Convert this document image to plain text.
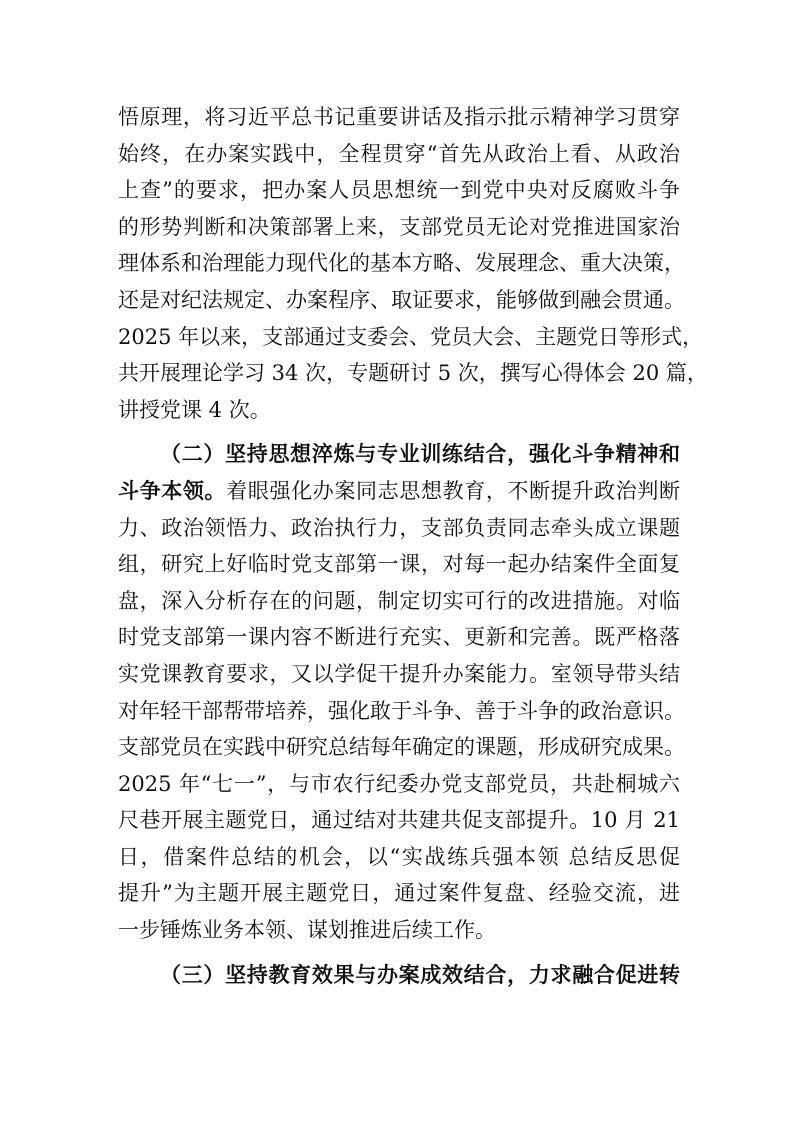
悟原理，将习近平总书记重要讲话及指示批示精神学习贯穿
始终，在办案实践中，全程贯穿“首先从政治上看、从政治
上查”的要求，把办案人员思想统一到党中央对反腐败斗争
的形势判断和决策部署上来，支部党员无论对党推进国家治
理体系和治理能力现代化的基本方略、发展理念、重大决策，
还是对纪法规定、办案程序、取证要求，能够做到融会贯通。
2025 年以来，支部通过支委会、党员大会、主题党日等形式，
共开展理论学习 34 次，专题研讨 5 次，撰写心得体会 20 篇，
讲授党课 4 次。
（二）坚持思想淬炼与专业训练结合，强化斗争精神和
斗争本领。着眼强化办案同志思想教育，不断提升政治判断
力、政治领悟力、政治执行力，支部负责同志牵头成立课题
组，研究上好临时党支部第一课，对每一起办结案件全面复
盘，深入分析存在的问题，制定切实可行的改进措施。对临
时党支部第一课内容不断进行充实、更新和完善。既严格落
实党课教育要求，又以学促干提升办案能力。室领导带头结
对年轻干部帮带培养，强化敢于斗争、善于斗争的政治意识。
支部党员在实践中研究总结每年确定的课题，形成研究成果。
2025 年“七一”，与市农行纪委办党支部党员，共赴桐城六
尺巷开展主题党日，通过结对共建共促支部提升。10 月 21
日，借案件总结的机会，以“实战练兵强本领 总结反思促
提升”为主题开展主题党日，通过案件复盘、经验交流，进
一步锤炼业务本领、谋划推进后续工作。
（三）坚持教育效果与办案成效结合，力求融合促进转
